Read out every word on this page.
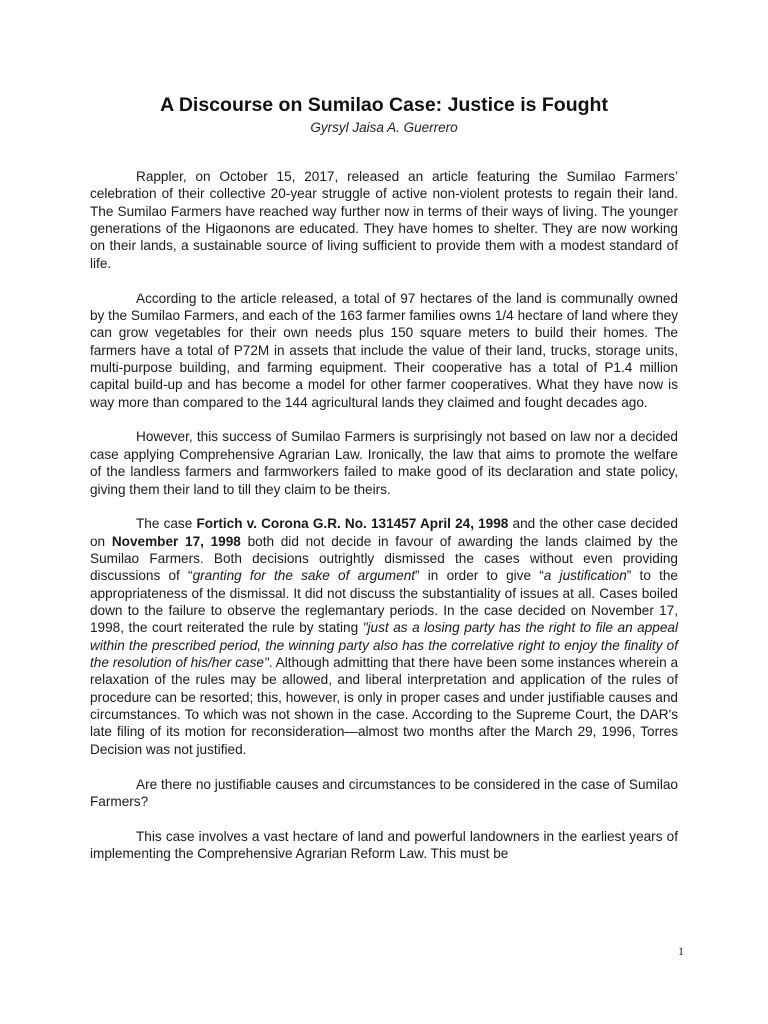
A Discourse on Sumilao Case: Justice is Fought
Gyrsyl Jaisa A. Guerrero

Rappler, on October 15, 2017, released an article featuring the Sumilao Farmers’ celebration of their collective 20-year struggle of active non-violent protests to regain their land. The Sumilao Farmers have reached way further now in terms of their ways of living. The younger generations of the Higaonons are educated. They have homes to shelter. They are now working on their lands, a sustainable source of living sufficient to provide them with a modest standard of life.

According to the article released, a total of 97 hectares of the land is communally owned by the Sumilao Farmers, and each of the 163 farmer families owns 1/4 hectare of land where they can grow vegetables for their own needs plus 150 square meters to build their homes. The farmers have a total of P72M in assets that include the value of their land, trucks, storage units, multi-purpose building, and farming equipment. Their cooperative has a total of P1.4 million capital build-up and has become a model for other farmer cooperatives. What they have now is way more than compared to the 144 agricultural lands they claimed and fought decades ago.

However, this success of Sumilao Farmers is surprisingly not based on law nor a decided case applying Comprehensive Agrarian Law. Ironically, the law that aims to promote the welfare of the landless farmers and farmworkers failed to make good of its declaration and state policy, giving them their land to till they claim to be theirs.

The case Fortich v. Corona G.R. No. 131457 April 24, 1998 and the other case decided on November 17, 1998 both did not decide in favour of awarding the lands claimed by the Sumilao Farmers. Both decisions outrightly dismissed the cases without even providing discussions of “granting for the sake of argument” in order to give “a justification” to the appropriateness of the dismissal. It did not discuss the substantiality of issues at all. Cases boiled down to the failure to observe the reglemantary periods. In the case decided on November 17, 1998, the court reiterated the rule by stating "just as a losing party has the right to file an appeal within the prescribed period, the winning party also has the correlative right to enjoy the finality of the resolution of his/her case". Although admitting that there have been some instances wherein a relaxation of the rules may be allowed, and liberal interpretation and application of the rules of procedure can be resorted; this, however, is only in proper cases and under justifiable causes and circumstances. To which was not shown in the case. According to the Supreme Court, the DAR's late filing of its motion for reconsideration—almost two months after the March 29, 1996, Torres Decision was not justified.

Are there no justifiable causes and circumstances to be considered in the case of Sumilao Farmers?

This case involves a vast hectare of land and powerful landowners in the earliest years of implementing the Comprehensive Agrarian Reform Law. This must be

1
